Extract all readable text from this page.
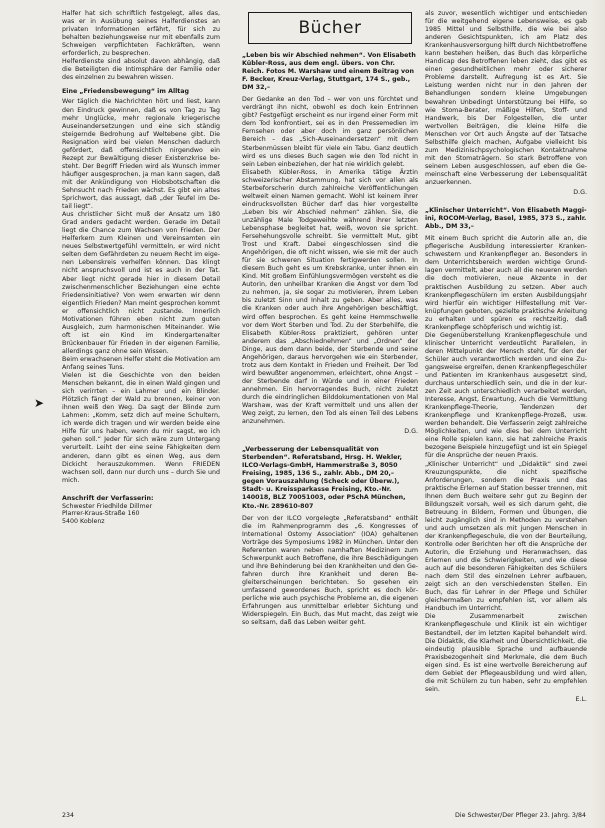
Halfer hat sich schriftlich festgelegt, alles das, was er in Ausübung seines Halferdienstes an privaten Informationen erfährt, für sich zu behalten beziehungsweise nur mit ebenfalls zum Schweigen verpflichteten Fachkräften, wenn erforderlich, zu besprechen.

Helferdienste sind absolut davon abhängig, daß die Beteiligten die Intimsphäre der Familie oder des einzelnen zu bewahren wissen.

Eine „Friedensbewegung“ im Alltag

Wer täglich die Nachrichten hört und liest, kann den Eindruck gewinnen, daß es von Tag zu Tag mehr Unglücke, mehr regionale kriegerische Auseinandersetzungen und eine sich ständig steigernde Bedrohung auf Weltebene gibt. Die Resignation wird bei vielen Menschen dadurch gefördert, daß offensichtlich nirgendwo ein Rezept zur Bewältigung dieser Existenzkrise besteht. Der Begriff Frieden wird als Wunsch immer häufiger ausgesprochen, ja man kann sagen, daß mit der Ankündigung von Hiobsbotschaften die Sehnsucht nach Frieden wächst. Es gibt ein altes Sprichwort, das aussagt, daß „der Teufel im Detail liegt“.

Aus christlicher Sicht muß der Ansatz um 180 Grad anders gedacht werden. Gerade im Detail liegt die Chance zum Wachsen von Frieden. Der Helferkern zum Kleinen und Vereinsamten ein neues Selbstwertgefühl vermitteln, er wird nicht selten dem Gefährdeten zu neuem Recht im eigenen Lebenskreis verhelfen können. Das klingt nicht anspruchsvoll und ist es auch in der Tat. Aber liegt nicht gerade hier in diesem Detail zwischenmenschlicher Beziehungen eine echte Friedensinitiative? Von wem erwarten wir denn eigentlich Frieden? Man meint gesprochen kommt er offensichtlich nicht zustande. Innerlich Motivationen führen eben nicht zum guten Ausgleich, zum harmonischen Miteinander. Wie oft ist ein Kind im Kindergartenalter Brückenbauer für Frieden in der eigenen Familie, allerdings ganz ohne sein Wissen.

Beim erwachsenen Helfer steht die Motivation am Anfang seines Tuns.

Vielen ist die Geschichte von den beiden Menschen bekannt, die in einen Wald gingen und sich verirrten – ein Lahmer und ein Blinder. Plötzlich fängt der Wald zu brennen, keiner von ihnen weiß den Weg. Da sagt der Blinde zum Lahmen: „Komm, setz dich auf meine Schultern, ich werde dich tragen und wir werden beide eine Hilfe für uns haben, wenn du mir sagst, wo ich gehen soll.“ Jeder für sich wäre zum Untergang verurteilt. Leiht der eine seine Fähigkeiten dem anderen, dann gibt es einen Weg, aus dem Dickicht herauszukommen. Wenn FRIEDEN wachsen soll, dann nur durch uns – durch Sie und mich.

Anschrift der Verfasserin:
Schwester Friedhilde Dillmer
Plarrer-Kraus-Straße 160
5400 Koblenz
Bücher
„Leben bis wir Abschied nehmen“. Von Elisabeth Kübler-Ross, aus dem engl. übers. von Chr. Reich. Fotos M. Warshaw und einem Beitrag von F. Becker, Kreuz-Verlag, Stuttgart, 174 S., geb., DM 32,–

Der Gedanke an den Tod – wer von uns fürchtet und verdrängt ihn nicht, obwohl es doch kein Entrinnen gibt? Festgefügt erscheint es nur irgend einer Form mit dem Tod konfrontiert, sei es in den Pressemedien im Fernsehen oder aber doch im ganz persönlichen Bereich – das „Sich-Auseinandersetzen“ mit dem Sterbenmüssen bleibt für viele ein Tabu. Ganz deutlich wird es uns dieses Buch sagen wie den Tod nicht in sein Leben einbeziehen, der hat nie wirklich gelebt.

Elisabeth Kübler-Ross, in Amerika tätige Ärztin schweizerischer Abstammung, hat sich vor allen als Sterbeforscherin durch zahlreiche Veröffentlichungen weltweit einen Namen gemacht. Wohl ist keinem ihrer eindrucksvollsten Bücher darf das hier vorgestellte „Leben bis wir Abschied nehmen“ zählen. Sie, die unzählige Male Todgeweihte während ihrer letzten Lebensphase begleitet hat, weiß, wovon sie spricht. Fersehehungsvolle schreibt. Sie vermittelt Mut, gibt Trost und Kraft. Dabei eingeschlossen sind die Angehörigen, die oft nicht wissen, wie sie mit der auch für sie schweren Situation fertigwerden sollen. In diesem Buch geht es um Krebskranke, unter ihnen ein Kind. Mit großem Einfühlungsvermögen versteht es die Autorin, den unheilbar Kranken die Angst vor dem Tod zu nehmen, ja, sie sogar zu motivieren, ihrem Leben bis zuletzt Sinn und Inhalt zu geben. Aber alles, was die Kranken oder auch ihre Angehörigen beschäftigt, wird offen besprochen. Es geht keine Hemmschwelle vor dem Wort Sterben und Tod. Zu der Sterbehilfe, die Elisabeth Kübler-Ross praktiziert, gehören unter anderem das „Abschiednehmen“ und „Ordnen“ der Dinge, aus dem dann beide, der Sterbende und seine Angehörigen, daraus hervorgehen wie ein Sterbender, trotz aus dem Kontakt in Frieden und Freiheit. Der Tod wird bewußter angenommen, erleichtert, ohne Angst – der Sterbende darf in Würde und in einer Frieden annehmen. Ein hervorragendes Buch, nicht zuletzt durch die eindringlichen Bilddokumentationen von Mal Warshaw, was der Kraft vermittelt und uns allen der Weg zeigt, zu lernen, den Tod als einen Teil des Lebens anzunehmen.

D.G.
„Verbesserung der Lebensqualität von Sterbenden“. Referatsband, Hrsg. H. Wekler, ILCO-Verlags-GmbH, Hammerstraße 3, 8050 Freising, 1985, 136 S., zahlr. Abb., DM 20,– gegen Vorauszahlung (Scheck oder Überw.), Stadt- u. Kreissparkasse Freising, Kto.-Nr. 140018, BLZ 70051003, oder PSchA München, Kto.-Nr. 289610-807

Der von der ILCO vorgelegte „Referatsband“ enthält die im Rahmenprogramm des „6. Kongresses of International Ostomy Association“ (IOA) gehaltenen Vorträge des Symposiums 1982 in München. Unter den Referenten waren neben namhaften Medizinern zum Schwerpunkt auch Betroffene, die ihre Beschädigungen und ihre Behinderung bei den Krankheiten und den Gefahren durch ihre Krankheit und deren Begleiterscheinungen berichteten. So gesehen ein umfassend gewordenes Buch, spricht es doch körperliche wie auch psychische Probleme an, die eigenen Erfahrungen aus unmittelbar erlebter Sichtung und Widerspiegeln. Ein Buch, das Mut macht, das zeigt wie so seltsam, daß das Leben weiter geht.

als zuvor, wesentlich wichtiger und entschieden für die weitgehend eigene Lebensweise, es gab 1985 Mittel und Selbsthilfe, die wie bei also anderen Gesichtspunkten, ich am Platz des Krankenhausversorgung hilft durch Nichtbetroffene kann bestehen heißen, das Buch das körperliche Handicap des Betroffenen leben zieht, das gibt es einen gesundheitlichen mehr oder sicherer Probleme darstellt. Aufregung ist es Art. Sie Leistung werden nicht nur in den Jahren der Behandlungen sondern kleine Umgebungen bewahren Unbedingt Unterstützung bei Hilfe, so wie Stoma-Berater, mäßige Hilfen, Stoff- und Handwerk, bis Der Folgestellen, die unter wertvollen Beiträgen, die kleine Hilfe die Menschen vor Ort auch Ängste auf der Tatsache Selbsthilfe gleich machen, Aufgabe vielleicht bis zum Medizinischpsychologischen Kontaktnahme mit den Stomaträgern. So stark Betroffene von seinem Leben ausgeschlossen, auf eben die Gemeinschaft eine Verbesserung der Lebensqualität anzuerkennen.

D.G.
„Klinischer Unterricht“. Von Elisabeth Maggiini, ROCOM-Verlag, Basel, 1985, 373 S., zahlr. Abb., DM 33,–

Mit einem Buch spricht die Autorin alle an, die pflegerische Ausbildung interessierter Krankenschwestern und Krankenpfleger an. Besonders in dem Unterrichtsbereich werden wichtige Grundlagen vermittelt, aber auch all die neueren werden die doch motivieren, neue Akzente in der praktischen Ausbildung zu setzen. Aber auch Krankenpflegeschülern im ersten Ausbildungsjahr wird hierfür ein wichtiger Hilfestellung mit Verknüpfungen geboten, gezielte praktische Anleitung zu erhalten und spüren es rechtzeitig, daß Krankenpflege schöpferisch und wichtig ist.

Die Gegenüberstellung Krankenpflegeschule und klinischer Unterricht verdeutlicht Parallelen, in deren Mittelpunkt der Mensch steht, für den der Schüler auch verantwortlich werden und eine Zugangsweise ergreifen, denen Krankenpflegeschüler und Patienten im Krankenhaus ausgesetzt sind, durchaus unterschiedlich sein, und die in der kurzen Zeit auch unterschiedlich verarbeitet werden, Interesse, Angst, Erwartung, Auch die Vermittlung Krankenpflege-Theorie, Tendenzen der Krankenpflege und Krankenpflege-Prozeß, usw. werden behandelt. Die Verfasserin zeigt zahlreiche Möglichkeiten, und wie dies bei dem Unterricht eine Rolle spielen kann, sie hat zahlreiche Praxis bezogene Beispiele hinzugefügt und ist ein Spiegel für die Ansprüche der neuen Praxis.

„Klinischer Unterricht“ und „Didaktik“ sind zwei Kreuzungspunkte, die nicht spezifische Anforderungen, sondern die Praxis und das praktische Erlernen auf Station besser trennen, mit Ihnen dem Buch weitere sehr gut zu Beginn der Bildungszeit vorsah, weil es sich darum geht, die Betreuung in Bildern, Formen und Übungen, die leicht zugänglich sind in Methoden zu verstehen und auch umsetzen als mit jungen Menschen in der Krankenpflegeschule, die von der Beurteilung, Kontrolle oder Berichten her oft die Ansprüche der Autorin, die Erziehung und Heranwachsen, das Erlernen und die Schwierigkeiten, und wie diese auch auf die besonderen Fähigkeiten des Schülers nach dem Stil des einzelnen Lehrer aufbauen, zeigt sich an den verschiedensten Stellen. Ein Buch, das für Lehrer in der Pflege und Schüler gleichermaßen zu empfehlen ist, vor allem als Handbuch im Unterricht.

Die Zusammenarbeit zwischen Krankenpflegeschule und Klinik ist ein wichtiger Bestandteil, der im letzten Kapitel behandelt wird. Die Didaktik, die Klarheit und Übersichtlichkeit, die eindeutig plausible Sprache und aufbauende Praxisbezogenheit sind Merkmale, die dem Buch eigen sind. Es ist eine wertvolle Bereicherung auf dem Gebiet der Pflegeausbildung und wird allen, die mit Schülern zu tun haben, sehr zu empfehlen sein.

E.L.
➤
234	Die Schwester/Der Pfleger 23. Jahrg. 3/84
